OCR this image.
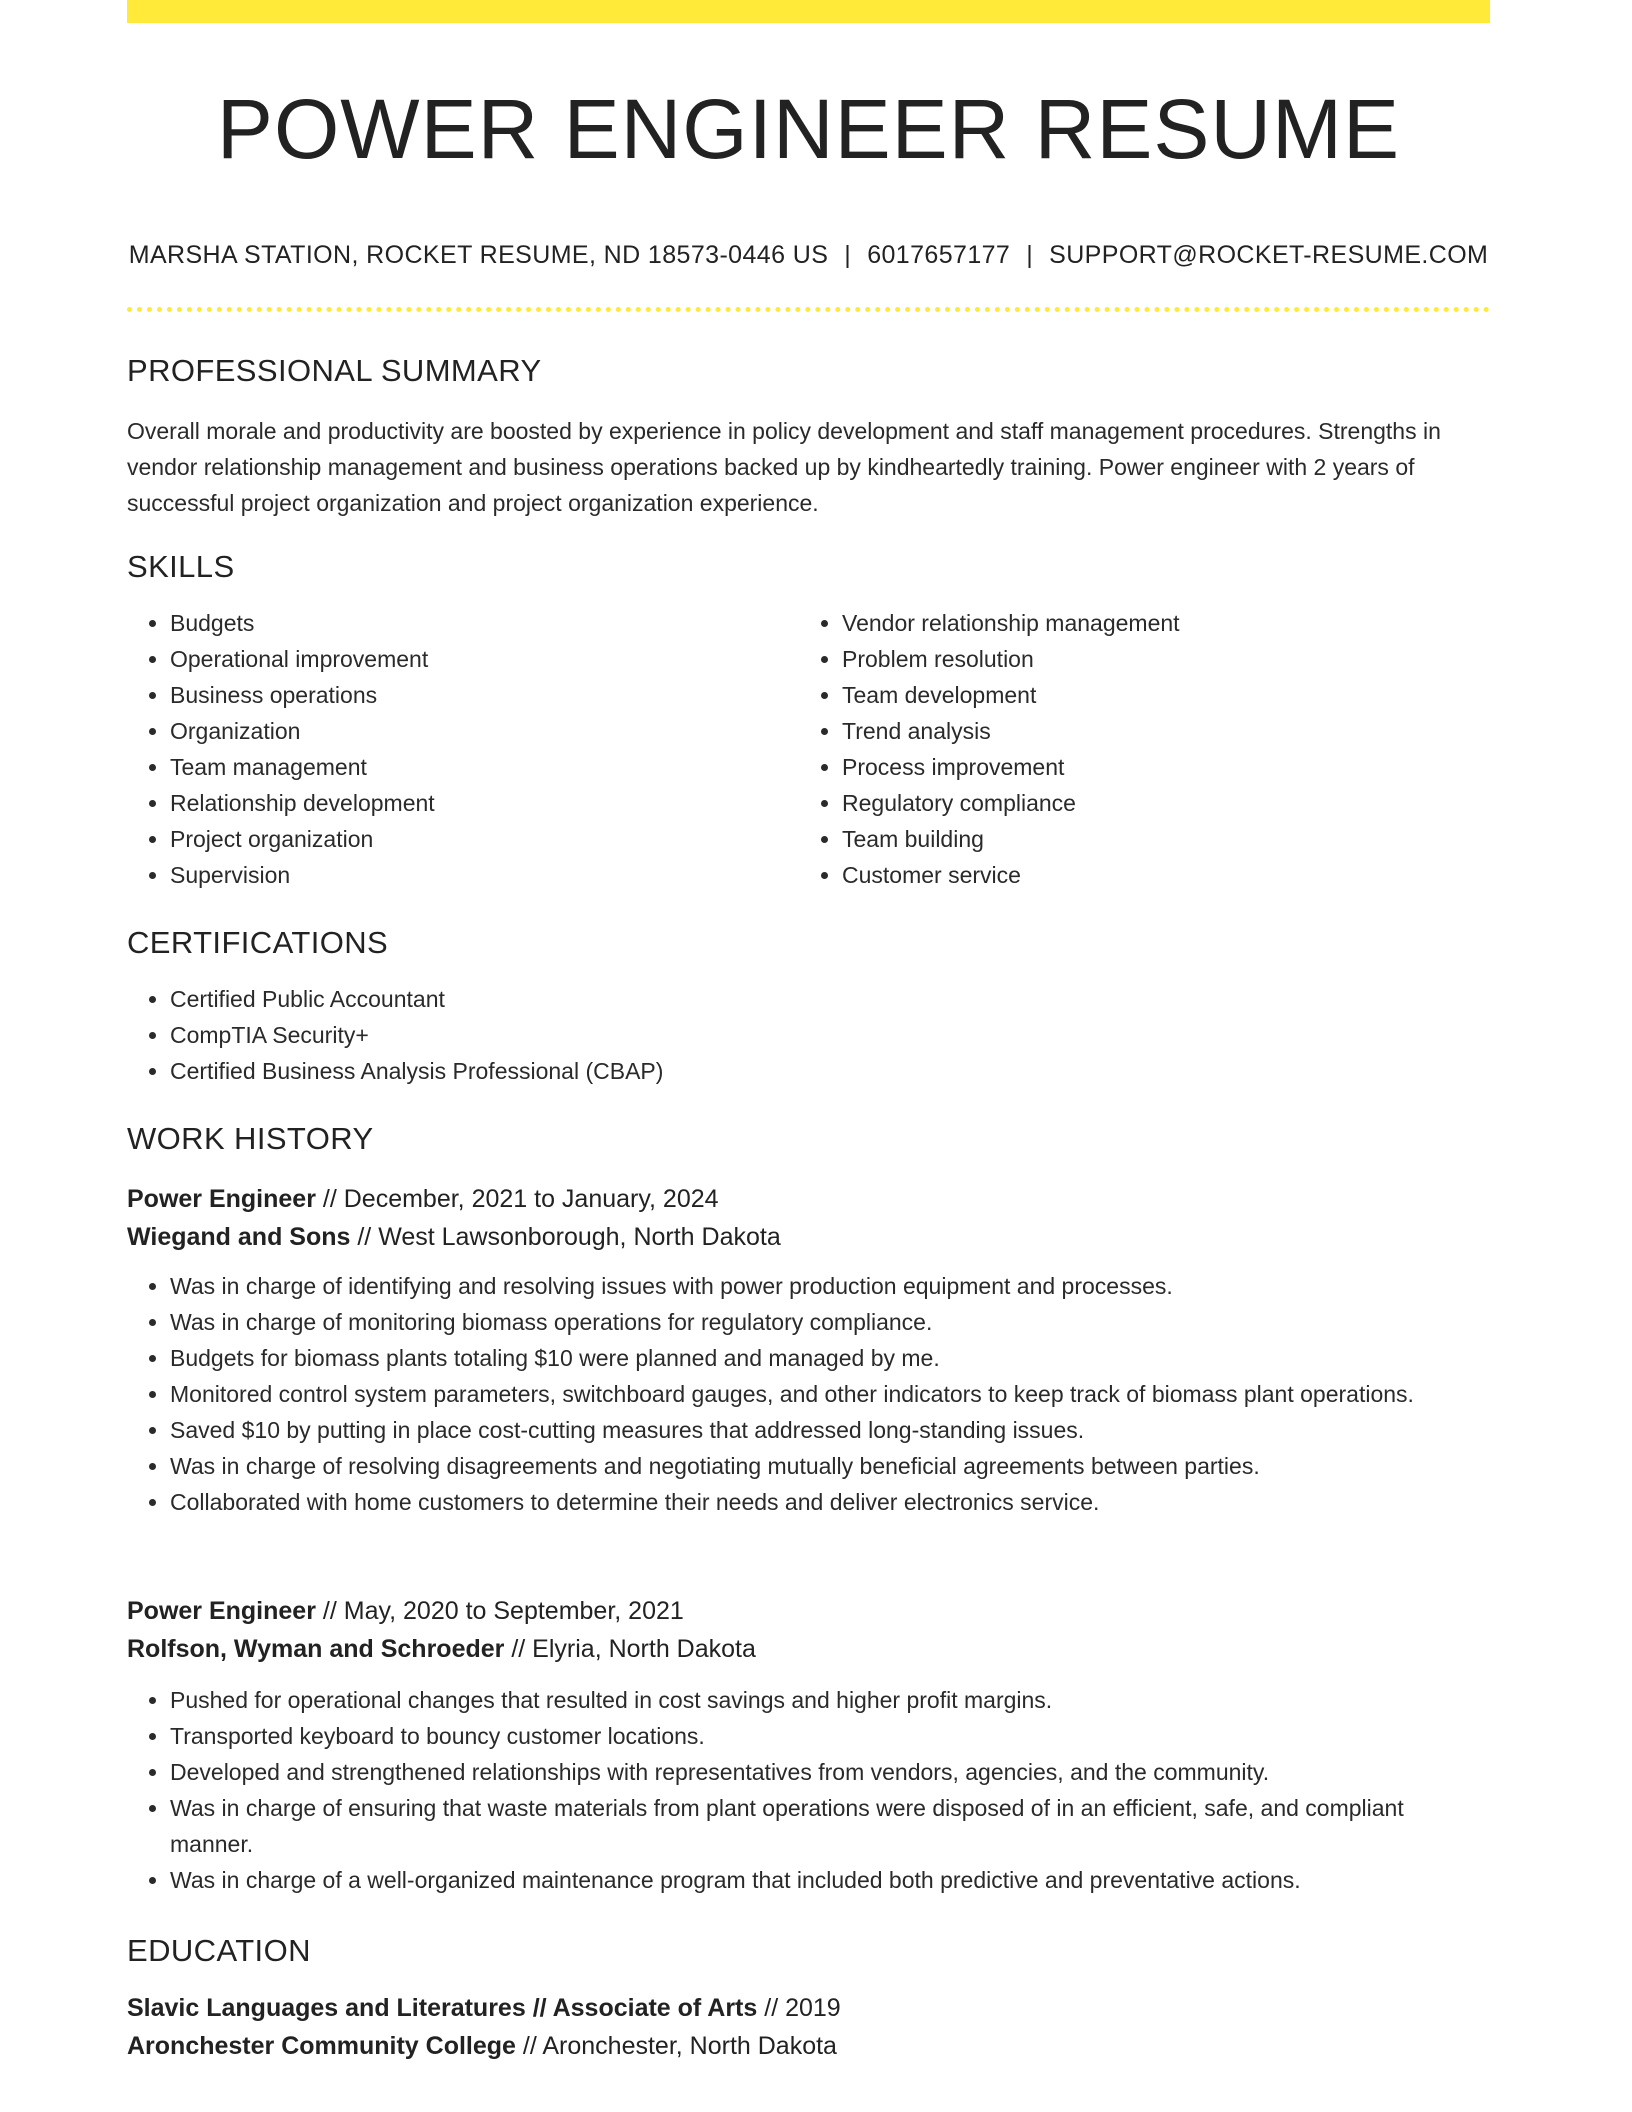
POWER ENGINEER RESUME
MARSHA STATION, ROCKET RESUME, ND 18573-0446 US | 6017657177 | SUPPORT@ROCKET-RESUME.COM
PROFESSIONAL SUMMARY

Overall morale and productivity are boosted by experience in policy development and staff management procedures. Strengths in vendor relationship management and business operations backed up by kindheartedly training. Power engineer with 2 years of successful project organization and project organization experience.

SKILLS
• Budgets
• Operational improvement
• Business operations
• Organization
• Team management
• Relationship development
• Project organization
• Supervision
• Vendor relationship management
• Problem resolution
• Team development
• Trend analysis
• Process improvement
• Regulatory compliance
• Team building
• Customer service
CERTIFICATIONS
• Certified Public Accountant
• CompTIA Security+
• Certified Business Analysis Professional (CBAP)
WORK HISTORY
Power Engineer // December, 2021 to January, 2024
Wiegand and Sons // West Lawsonborough, North Dakota
• Was in charge of identifying and resolving issues with power production equipment and processes.
• Was in charge of monitoring biomass operations for regulatory compliance.
• Budgets for biomass plants totaling $10 were planned and managed by me.
• Monitored control system parameters, switchboard gauges, and other indicators to keep track of biomass plant operations.
• Saved $10 by putting in place cost-cutting measures that addressed long-standing issues.
• Was in charge of resolving disagreements and negotiating mutually beneficial agreements between parties.
• Collaborated with home customers to determine their needs and deliver electronics service.
Power Engineer // May, 2020 to September, 2021
Rolfson, Wyman and Schroeder // Elyria, North Dakota
• Pushed for operational changes that resulted in cost savings and higher profit margins.
• Transported keyboard to bouncy customer locations.
• Developed and strengthened relationships with representatives from vendors, agencies, and the community.
• Was in charge of ensuring that waste materials from plant operations were disposed of in an efficient, safe, and compliant manner.
• Was in charge of a well-organized maintenance program that included both predictive and preventative actions.
EDUCATION
Slavic Languages and Literatures // Associate of Arts // 2019
Aronchester Community College // Aronchester, North Dakota
